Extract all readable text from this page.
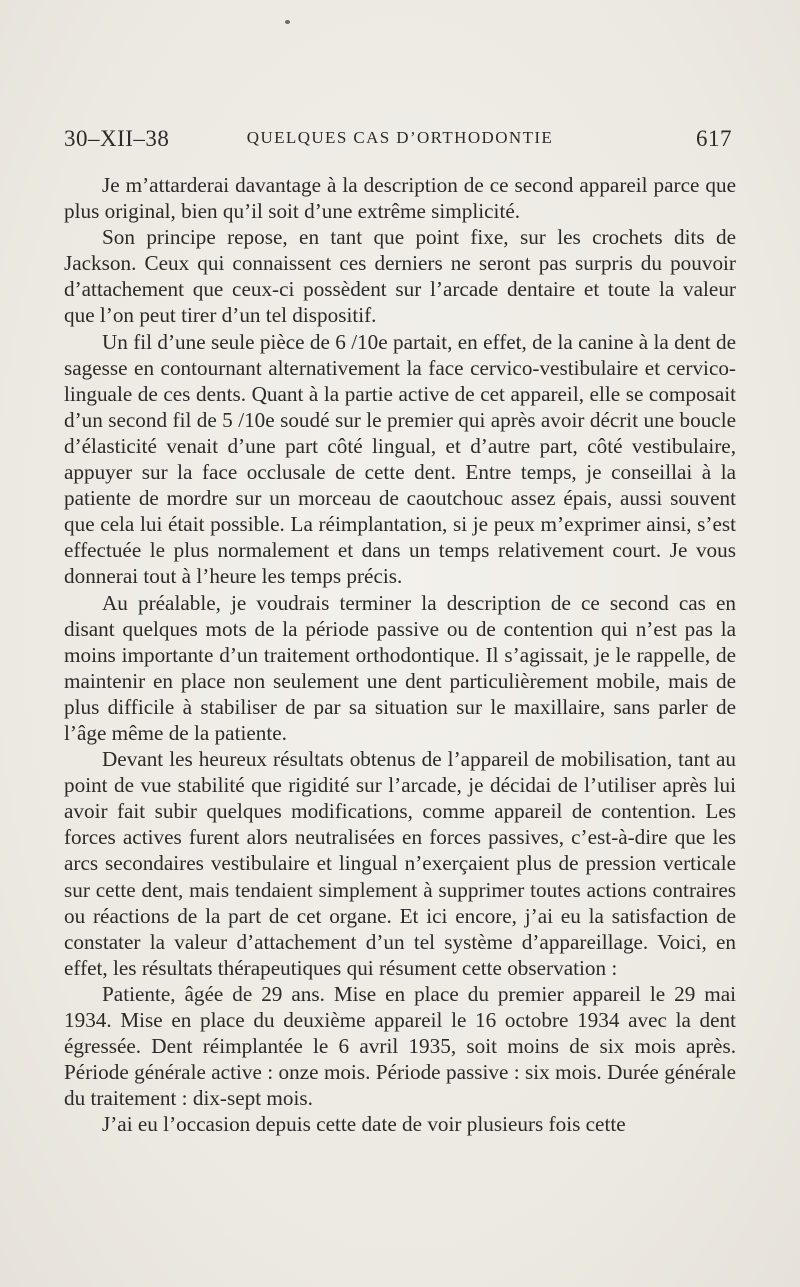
30–XII–38	QUELQUES CAS D’ORTHODONTIE	617

Je m’attarderai davantage à la description de ce second appareil parce que plus original, bien qu’il soit d’une extrême simplicité.

Son principe repose, en tant que point fixe, sur les crochets dits de Jackson. Ceux qui connaissent ces derniers ne seront pas surpris du pouvoir d’attachement que ceux-ci possèdent sur l’arcade dentaire et toute la valeur que l’on peut tirer d’un tel dispositif.

Un fil d’une seule pièce de 6 /10e partait, en effet, de la canine à la dent de sagesse en contournant alternativement la face cervico-vestibulaire et cervico-linguale de ces dents. Quant à la partie active de cet appareil, elle se composait d’un second fil de 5 /10e soudé sur le premier qui après avoir décrit une boucle d’élasticité venait d’une part côté lingual, et d’autre part, côté vestibulaire, appuyer sur la face occlusale de cette dent. Entre temps, je conseillai à la patiente de mordre sur un morceau de caoutchouc assez épais, aussi souvent que cela lui était possible. La réimplantation, si je peux m’exprimer ainsi, s’est effectuée le plus normalement et dans un temps relativement court. Je vous donnerai tout à l’heure les temps précis.

Au préalable, je voudrais terminer la description de ce second cas en disant quelques mots de la période passive ou de contention qui n’est pas la moins importante d’un traitement orthodontique. Il s’agissait, je le rappelle, de maintenir en place non seulement une dent particulièrement mobile, mais de plus difficile à stabiliser de par sa situation sur le maxillaire, sans parler de l’âge même de la patiente.

Devant les heureux résultats obtenus de l’appareil de mobilisation, tant au point de vue stabilité que rigidité sur l’arcade, je décidai de l’utiliser après lui avoir fait subir quelques modifications, comme appareil de contention. Les forces actives furent alors neutralisées en forces passives, c’est-à-dire que les arcs secondaires vestibulaire et lingual n’exerçaient plus de pression verticale sur cette dent, mais tendaient simplement à supprimer toutes actions contraires ou réactions de la part de cet organe. Et ici encore, j’ai eu la satisfaction de constater la valeur d’attachement d’un tel système d’appareillage. Voici, en effet, les résultats thérapeutiques qui résument cette observation :

Patiente, âgée de 29 ans. Mise en place du premier appareil le 29 mai 1934. Mise en place du deuxième appareil le 16 octobre 1934 avec la dent égressée. Dent réimplantée le 6 avril 1935, soit moins de six mois après. Période générale active : onze mois. Période passive : six mois. Durée générale du traitement : dix-sept mois.

J’ai eu l’occasion depuis cette date de voir plusieurs fois cette
